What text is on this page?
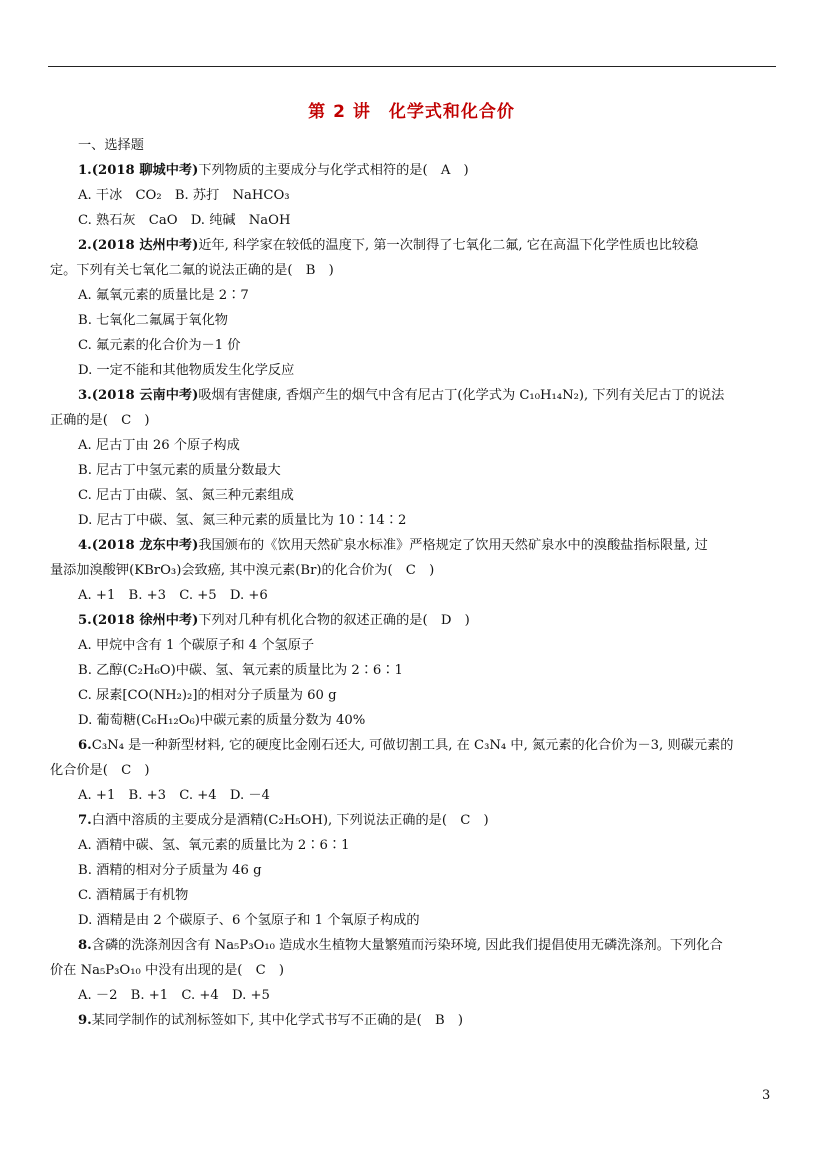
第 2 讲　化学式和化合价
一、选择题
1.(2018 聊城中考)下列物质的主要成分与化学式相符的是(　A　)
A. 干冰　CO₂　B. 苏打　NaHCO₃
C. 熟石灰　CaO　D. 纯碱　NaOH
2.(2018 达州中考)近年, 科学家在较低的温度下, 第一次制得了七氧化二氟, 它在高温下化学性质也比较稳
定。下列有关七氧化二氟的说法正确的是(　B　)
A. 氟氧元素的质量比是 2∶7
B. 七氧化二氟属于氧化物
C. 氟元素的化合价为－1 价
D. 一定不能和其他物质发生化学反应
3.(2018 云南中考)吸烟有害健康, 香烟产生的烟气中含有尼古丁(化学式为 C₁₀H₁₄N₂), 下列有关尼古丁的说法
正确的是(　C　)
A. 尼古丁由 26 个原子构成
B. 尼古丁中氢元素的质量分数最大
C. 尼古丁由碳、氢、氮三种元素组成
D. 尼古丁中碳、氢、氮三种元素的质量比为 10∶14∶2
4.(2018 龙东中考)我国颁布的《饮用天然矿泉水标准》严格规定了饮用天然矿泉水中的溴酸盐指标限量, 过
量添加溴酸钾(KBrO₃)会致癌, 其中溴元素(Br)的化合价为(　C　)
A. +1　B. +3　C. +5　D. +6
5.(2018 徐州中考)下列对几种有机化合物的叙述正确的是(　D　)
A. 甲烷中含有 1 个碳原子和 4 个氢原子
B. 乙醇(C₂H₆O)中碳、氢、氧元素的质量比为 2∶6∶1
C. 尿素[CO(NH₂)₂]的相对分子质量为 60 g
D. 葡萄糖(C₆H₁₂O₆)中碳元素的质量分数为 40%
6.C₃N₄ 是一种新型材料, 它的硬度比金刚石还大, 可做切割工具, 在 C₃N₄ 中, 氮元素的化合价为－3, 则碳元素的
化合价是(　C　)
A. +1　B. +3　C. +4　D. －4
7.白酒中溶质的主要成分是酒精(C₂H₅OH), 下列说法正确的是(　C　)
A. 酒精中碳、氢、氧元素的质量比为 2∶6∶1
B. 酒精的相对分子质量为 46 g
C. 酒精属于有机物
D. 酒精是由 2 个碳原子、6 个氢原子和 1 个氧原子构成的
8.含磷的洗涤剂因含有 Na₅P₃O₁₀ 造成水生植物大量繁殖而污染环境, 因此我们提倡使用无磷洗涤剂。下列化合
价在 Na₅P₃O₁₀ 中没有出现的是(　C　)
A. －2　B. +1　C. +4　D. +5
9.某同学制作的试剂标签如下, 其中化学式书写不正确的是(　B　)
3
